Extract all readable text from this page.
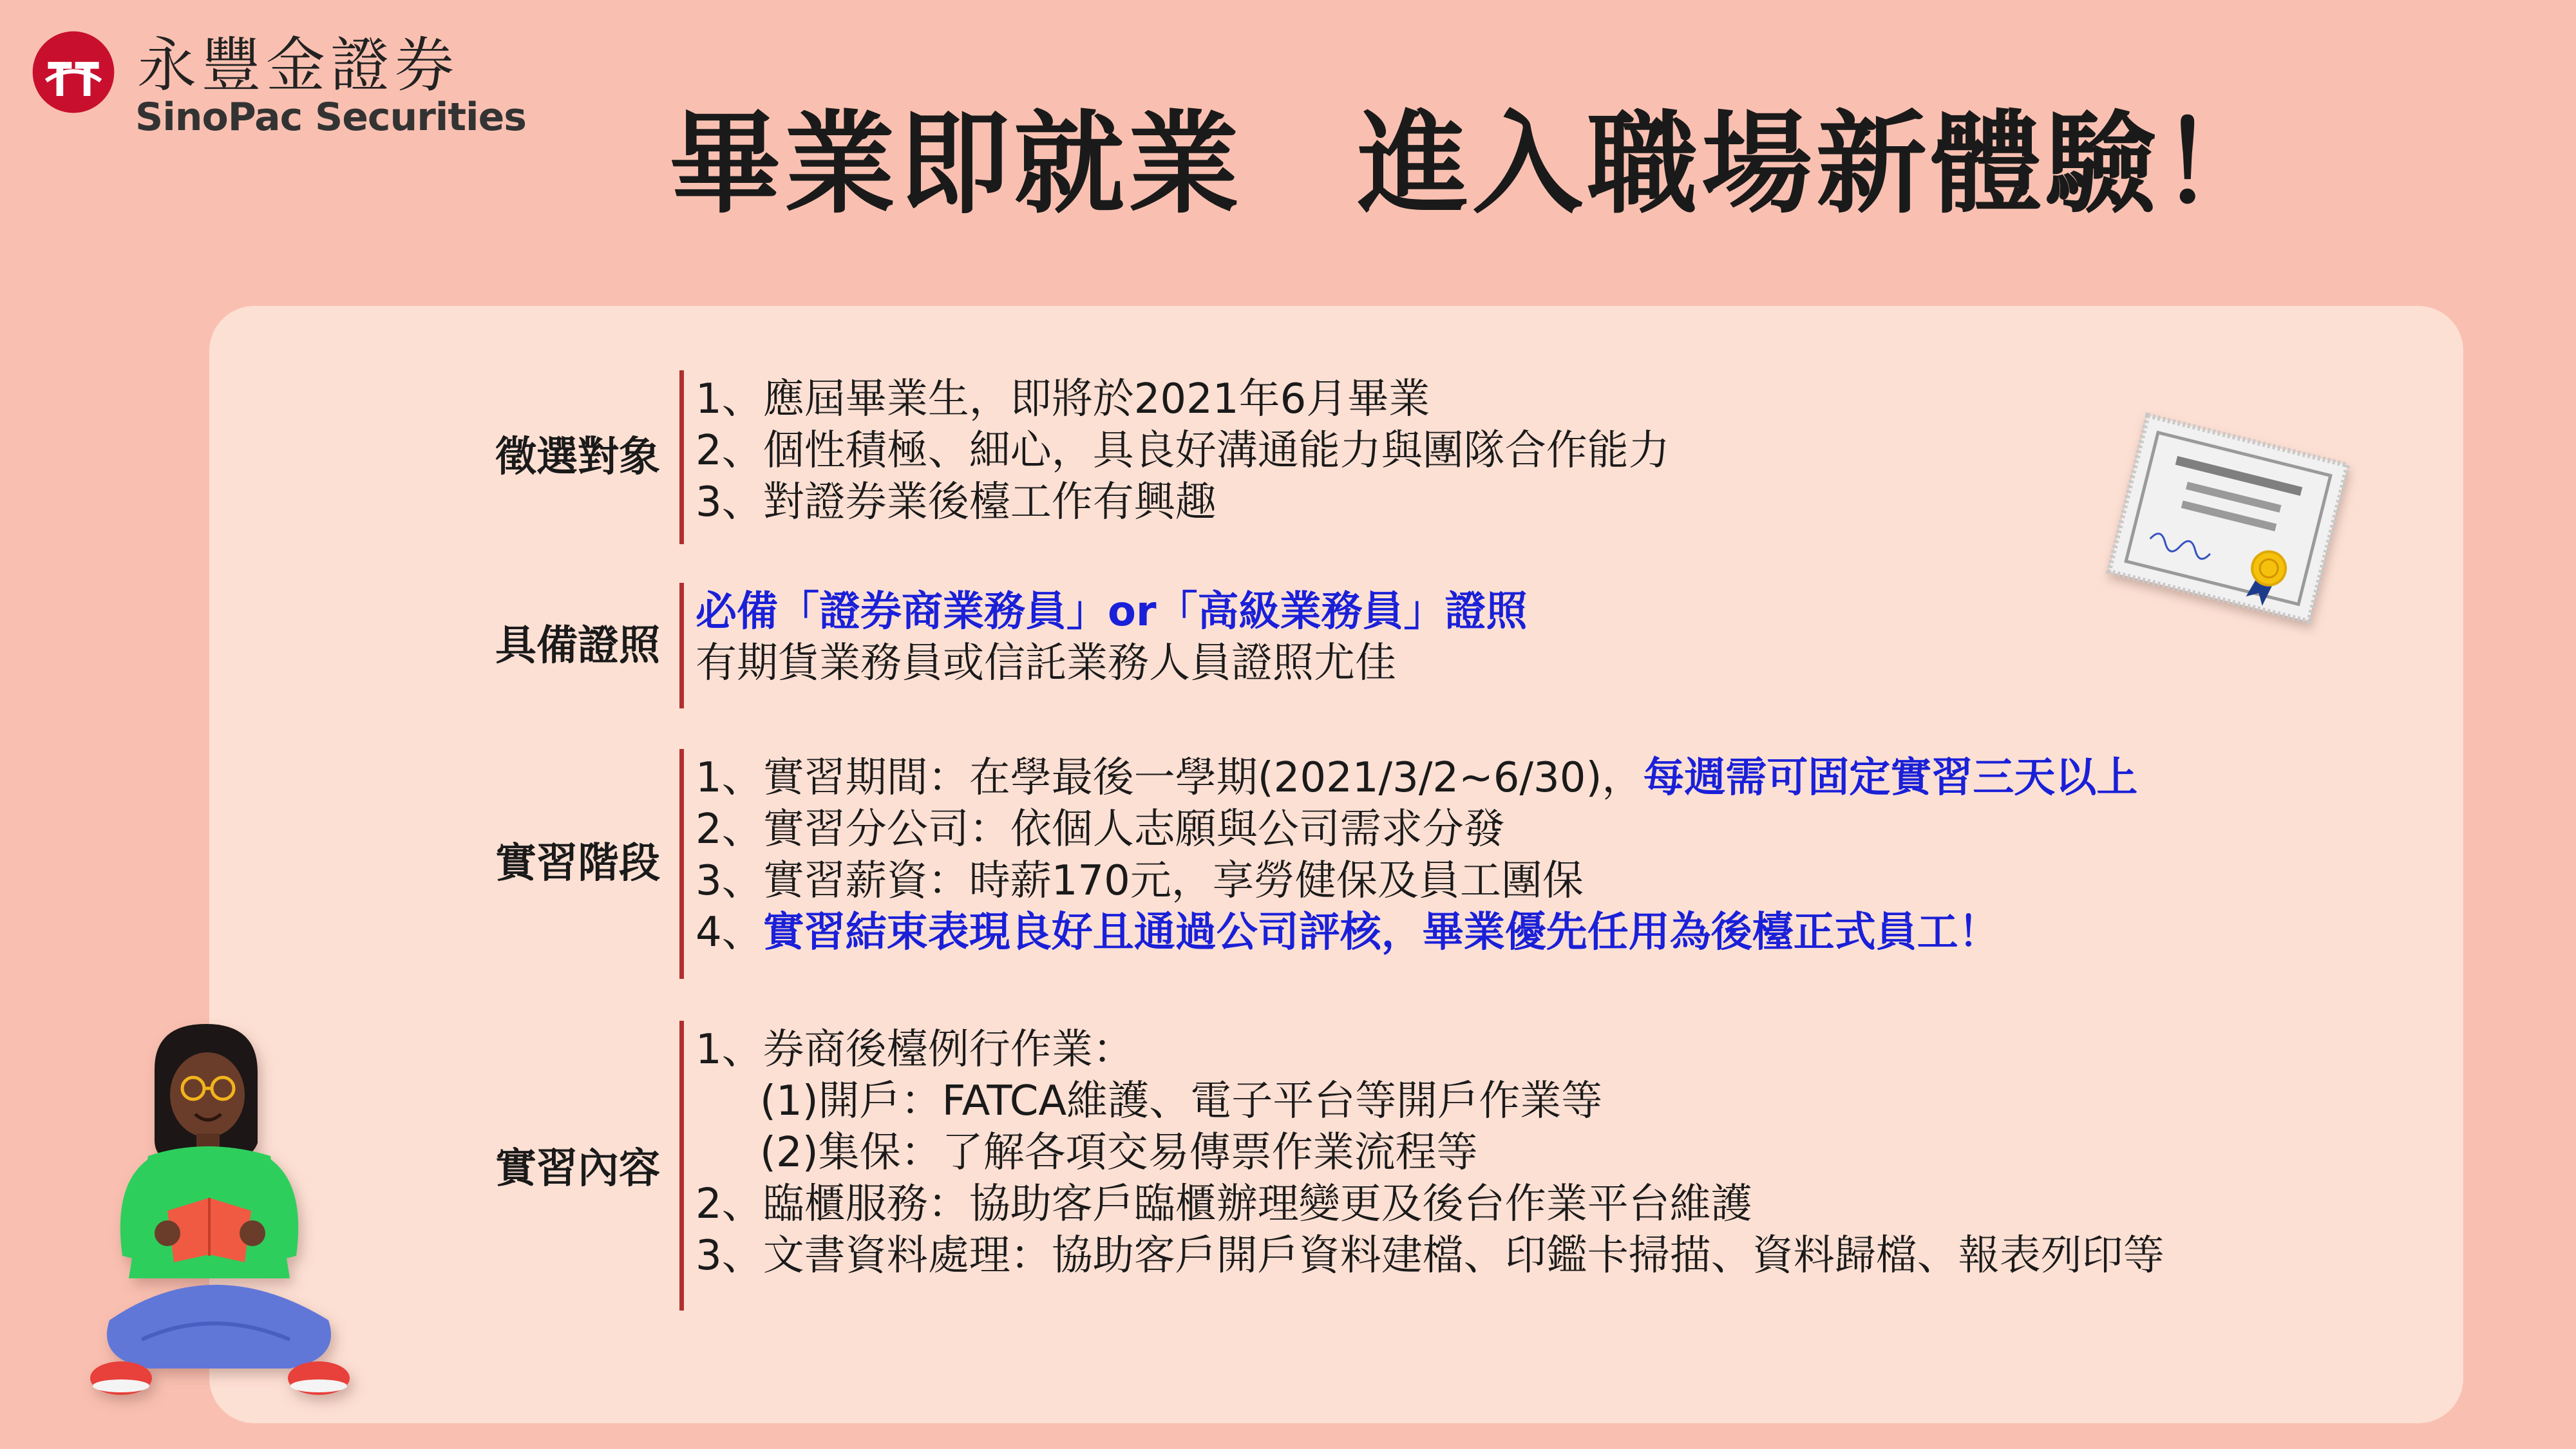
永豐金證券
SinoPac Securities 畢業即就業　進入職場新體驗！
徵選對象
1、應屆畢業生，即將於2021年6月畢業
2、個性積極、細心，具良好溝通能力與團隊合作能力
3、對證券業後檯工作有興趣
具備證照
必備「證券商業務員」or「高級業務員」證照
有期貨業務員或信託業務人員證照尤佳
實習階段
1、實習期間：在學最後一學期(2021/3/2~6/30)，每週需可固定實習三天以上
2、實習分公司：依個人志願與公司需求分發
3、實習薪資：時薪170元，享勞健保及員工團保
4、實習結束表現良好且通過公司評核，畢業優先任用為後檯正式員工！
實習內容
1、券商後檯例行作業：
(1)開戶：FATCA維護、電子平台等開戶作業等
(2)集保：了解各項交易傳票作業流程等
2、臨櫃服務：協助客戶臨櫃辦理變更及後台作業平台維護
3、文書資料處理：協助客戶開戶資料建檔、印鑑卡掃描、資料歸檔、報表列印等
